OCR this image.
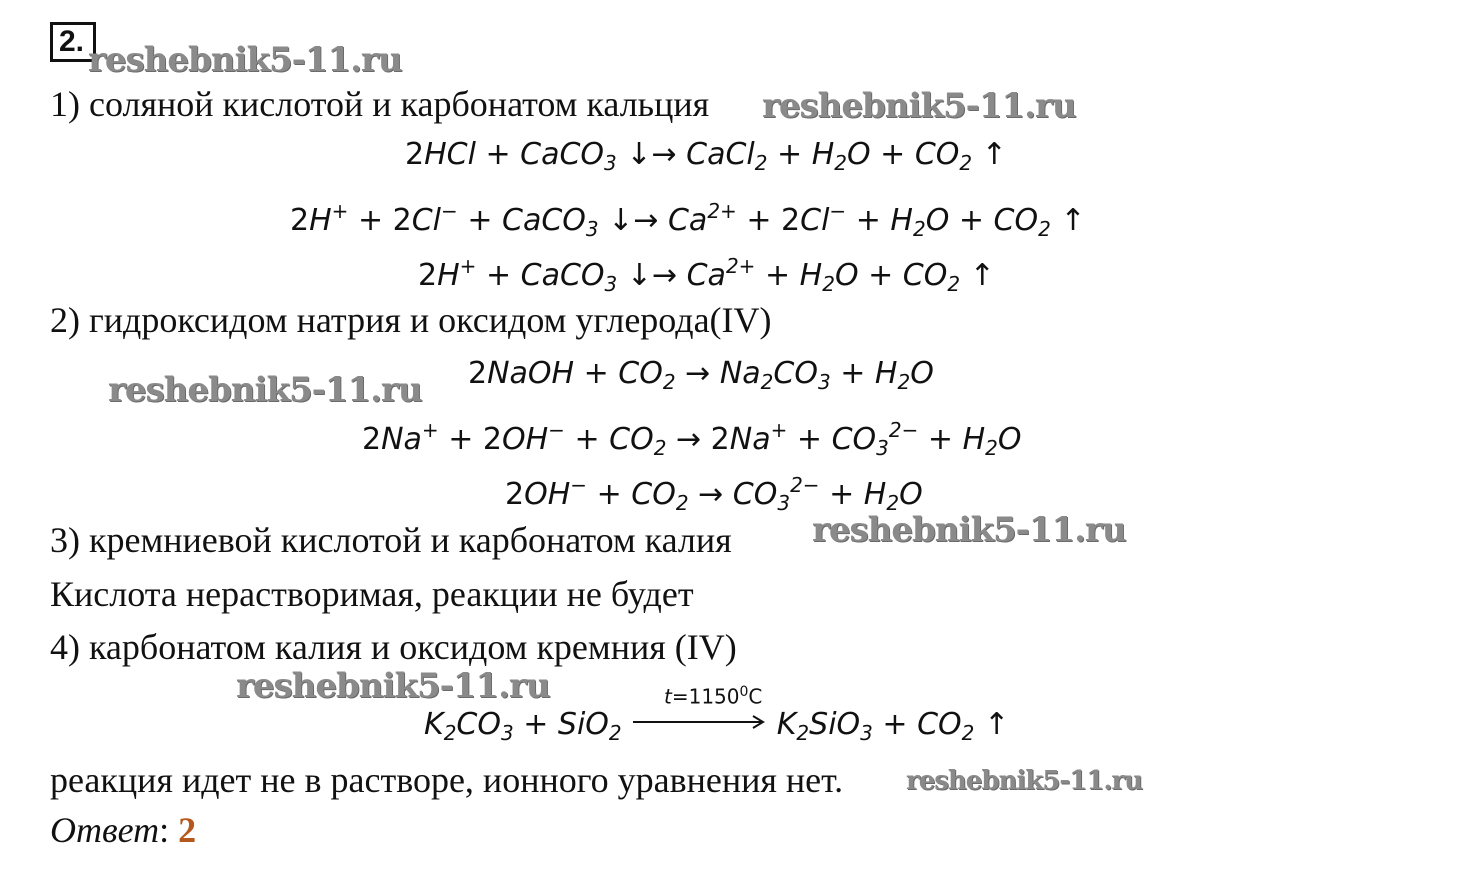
2. reshebnik5-11.ru
1) соляной кислотой и карбонатом кальция reshebnik5-11.ru
2HCl + CaCO$_3$ ↓→ CaCl$_2$ + $H_2O + CO_2$ ↑
2H+ + 2Cl− + CaCO$_3$ ↓→ $Ca^{2+} + 2Cl^- + H_2O + CO_2$ ↑
2H+ + CaCO$_3$ ↓→ $Ca^{2+} + H_2O + CO_2$ ↑
2) гидроксидом натрия и оксидом углерода(IV)
reshebnik5-11.ru 2NaOH + $CO_2 \to Na_2CO_3 + H_2O$
$2Na^+ + 2OH^- + CO_2 \to 2Na^+ + CO_3^{2-} + H_2O$
$2OH^- + CO_2 \to CO_3^{2-} + H_2O$
3) кремниевой кислотой и карбонатом калия reshebnik5-11.ru
Кислота нерастворимая, реакции не будет
4) карбонатом калия и оксидом кремния (IV)
reshebnik5-11.ru	$t=1150^0C$
$K_2CO_3 + SiO_2$	$K_2SiO_3 + CO_2$ ↑
реакция идет не в растворе, ионного уравнения нет. reshebnik5-11.ru
Ответ: 2
